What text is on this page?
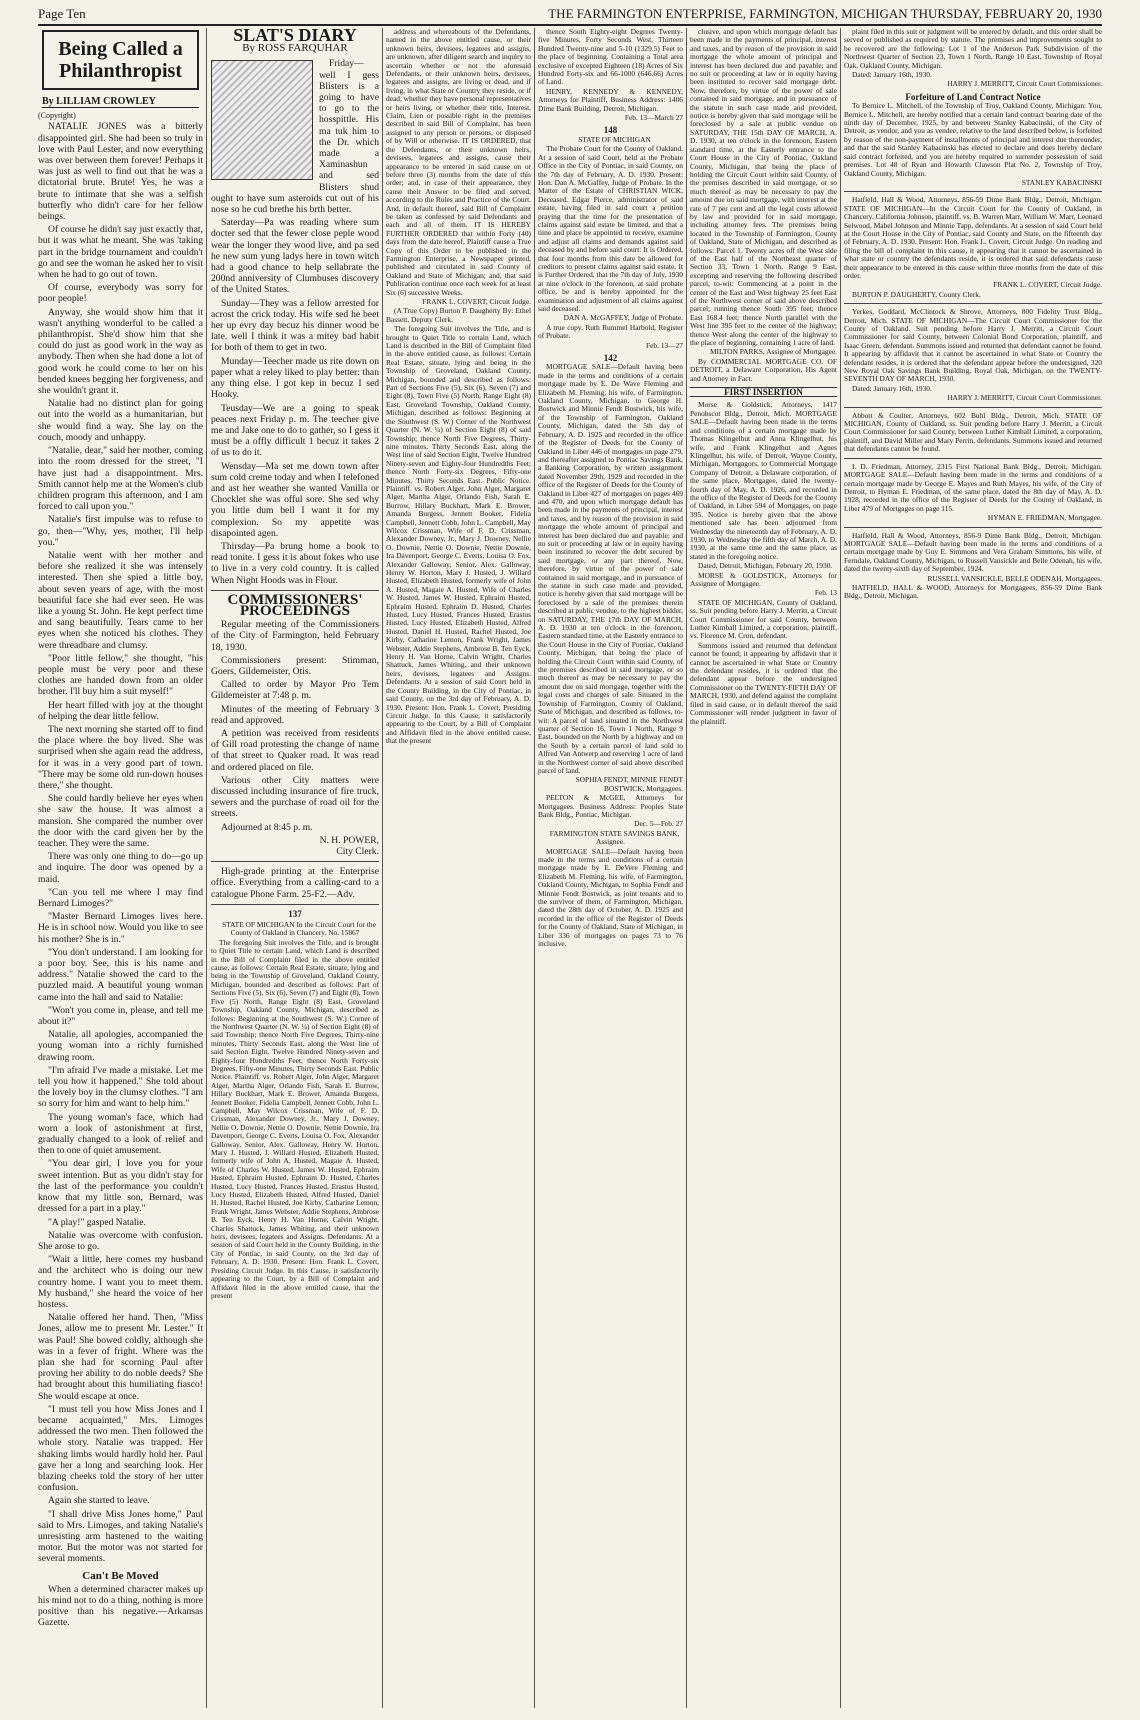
Page Ten	THE FARMINGTON ENTERPRISE, FARMINGTON, MICHIGAN THURSDAY, FEBRUARY 20, 1930
Being Called a Philanthropist
By LILLIAM CROWLEY
(Copyright)
NATALIE JONES was a bitterly disappointed girl. She had been so truly in love with Paul Lester, and now everything was over between them forever! Perhaps it was just as well to find out that he was a dictatorial brute. Brute! Yes, he was a brute to intimate that she was a selfish butterfly who didn't care for her fellow beings.
Of course he didn't say just exactly that, but it was what he meant. She was 'taking part in the bridge tournament and couldn't go and see the woman he asked her to visit when he had to go out of town.
Of course, everybody was sorry for poor people!
Anyway, she would show him that it wasn't anything wonderful to be called a philanthropist. She'd show him that she could do just as good work in the way as anybody. Then when she had done a lot of good work he could come to her on his bended knees begging her forgiveness, and she wouldn't grant it.
Natalie had no distinct plan for going out into the world as a humanitarian, but she would find a way. She lay on the couch, moody and unhappy.
"Natalie, dear," said her mother, coming into the room dressed for the street, "I have just had a disappointment. Mrs. Smith cannot help me at the Women's club children program this afternoon, and I am forced to call upon you."
Natalie's first impulse was to refuse to go, then—"Why, yes, mother, I'll help you."
Natalie went with her mother and before she realized it she was intensely interested. Then she spied a little boy, about seven years of age, with the most beautiful face she had ever seen. He was like a young St. John. He kept perfect time and sang beautifully. Tears came to her eyes when she noticed his clothes. They were threadbare and clumsy.
"Poor little fellow," she thought, "his people must be very poor and these clothes are handed down from an older brother. I'll buy him a suit myself!"
Her heart filled with joy at the thought of helping the dear little fellow.
The next morning she started off to find the place where the boy lived. She was surprised when she again read the address, for it was in a very good part of town. "There may be some old run-down houses there," she thought.
She could hardly believe her eyes when she saw the house. It was almost a mansion. She compared the number over the door with the card given her by the teacher. They were the same.
There was only one thing to do—go up and inquire. The door was opened by a maid.
"Can you tell me where I may find Bernard Limoges?"
"Master Bernard Limoges lives here. He is in school now. Would you like to see his mother? She is in."
"You don't understand. I am looking for a poor boy. See, this is his name and address." Natalie showed the card to the puzzled maid. A beautiful young woman came into the hall and said to Natalie:
"Won't you come in, please, and tell me about it?"
Natalie, all apologies, accompanied the young woman into a richly furnished drawing room.
"I'm afraid I've made a mistake. Let me tell you how it happened." She told about the lovely boy in the clumsy clothes. "I am so sorry for him and want to help him."
The young woman's face, which had worn a look of astonishment at first, gradually changed to a look of relief and then to one of quiet amusement.
"You dear girl, I love you for your sweet intention. But as you didn't stay for the last of the performance you couldn't know that my little son, Bernard, was dressed for a part in a play."
"A play!" gasped Natalie.
Natalie was overcome with confusion. She arose to go.
"Wait a little, here comes my husband and the architect who is doing our new country home. I want you to meet them. My husband," she heard the voice of her hostess.
Natalie offered her hand. Then, "Miss Jones, allow me to present Mr. Lester." It was Paul! She bowed coldly, although she was in a fever of fright. Where was the plan she had for scorning Paul after proving her ability to do noble deeds? She had brought about this humiliating fiasco! She would escape at once.
"I must tell you how Miss Jones and I became acquainted," Mrs. Limoges addressed the two men. Then followed the whole story. Natalie was trapped. Her shaking limbs would hardly hold her. Paul gave her a long and searching look. Her blazing cheeks told the story of her utter confusion.
Again she started to leave.
"I shall drive Miss Jones home," Paul said to Mrs. Limoges, and taking Natalie's unresisting arm hastened to the waiting motor. But the motor was not started for several moments.
Can't Be Moved
When a determined character makes up his mind not to do a thing, nothing is more positive than his negative.—Arkansas Gazette.
SLAT'S DIARY
By ROSS FARQUHAR
Friday—well I gess Blisters is a going to have to go to the hosspittle. His ma tuk him to the Dr. which made a Xaminashun and sed Blisters shud ought to have sum asteroids cut out of his nose so he cud brethe his brth better.
Saterday—Pa was reading where sum docter sed that the fewer close peple wood wear the longer they wood live, and pa sed he new sum yung ladys here in town witch had a good chance to help sellabrate the 200nd anniversity of Clumbuses discovery of the United States.
Sunday—They was a fellow arrested for acrost the crick today. His wife sed he beet her up evry day becuz his dinner wood be late. well I think it was a mitey bad habit for both of them to get in two.
Munday—Teecher made us rite down on paper what a reley liked to play better: than any thing else. I got kep in becuz I sed Hooky.
Teusday—We are a going to speak peaces next Friday p. m. The teecher give me and Jake one to do to gather, so I gess it must be a offly difficult 1 becuz it takes 2 of us to do it.
Wensday—Ma set me down town after sum cold creme today and when I telefoned and ast her weather she wanted Vanilla or Chocklet she was offul sore. She sed why you little dum bell I want it for my complexion. So my appetite was disapointed agen.
Thirsday—Pa brung home a book to read tonite. I gess it is about fokes who use to live in a very cold country. It is called When Night Hoods was in Flour.
COMMISSIONERS' PROCEEDINGS
Regular meeting of the Commissioners of the City of Farmington, held February 18, 1930.
Commissioners present: Stimman, Goers, Gildemeister, Otis.
Called to order by Mayor Pro Tem Gildemeister at 7:48 p. m.
Minutes of the meeting of February 3 read and approved.
A petition was received from residents of Gill road protesting the change of name of that street to Quaker road. It was read and ordered placed on file.
Various other City matters were discussed including insurance of fire truck, sewers and the purchase of road oil for the streets.
Adjourned at 8:45 p. m.
N. H. POWER,
City Clerk.
High-grade printing at the Enterprise office. Everything from a calling-card to a catalogue Phone Farm. 25-F2.—Adv.
137

STATE OF MICHIGAN In the Circuit Court for the County of Oakland in Chancery. No. 15867

The foregoing Suit involves the Title, and is brought to Quiet Title to certain Land, which Land is described in the Bill of Complaint filed in the above entitled cause, as follows: Certain Real Estate, situate, lying and being in the Township of Groveland, Oakland County, Michigan, bounded and described as follows: Part of Sections Five (5), Six (6), Seven (7) and Eight (8), Town Five (5) North, Range Eight (8) East, Groveland Township, Oakland County, Michigan, described as follows: Beginning at the Southwest (S. W.) Corner of the Northwest Quarter (N. W. ¼) of Section Eight (8) of said Township; thence North Five Degrees, Thirty-nine minutes, Thirty Seconds East, along the West line of said Section Eight, Twelve Hundred Ninety-seven and Eighty-four Hundredths Feet; thence North Forty-six Degrees, Fifty-one Minutes, Thirty Seconds East. Public Notice. Plaintiff. vs. Robert Alger, John Alger, Margaret Alger, Martha Alger, Orlando Fish, Sarah E. Burrow, Hillary Buckhart, Mark E. Brower, Amanda Burgess, Jennett Booker, Fidelia Campbell, Jennett Cobb, John L. Campbell, May Wilcox Crissman, Wife of F. D. Crissman, Alexander Downey, Jr., Mary J. Downey, Nellie O. Downie, Nettie O. Downie, Nettie Downie, Ira Davenport, George C. Everts, Louisa O. Fox, Alexander Galloway, Senior, Alex. Galloway, Henry W. Horton, Mary J. Husted, J. Willard Husted, Elizabeth Husted, formerly wife of John A. Husted, Magaie A. Husted, Wife of Charles W. Husted, James W. Husted, Ephraim Husted, Ephraim Husted, Ephraim D. Husted, Charles Husted, Lucy Husted, Frances Husted, Erastus Husted, Lucy Husted, Elizabeth Husted, Alfred Husted, Daniel H. Husted, Rachel Husted, Joe Kirby, Catharine Lemon, Frank Wright, James Webster, Addie Stephens, Ambrose B. Ten Eyck, Henry H. Van Horne, Calvin Wright, Charles Shattuck, James Whiting, and their unknown heirs, devisees, legatees and Assigns. Defendants. At a session of said Court held in the County Building, in the City of Pontiac, in said County, on the 3rd day of February, A. D. 1930. Present: Hon. Frank L. Covert, Presiding Circuit Judge. In this Cause, it satisfactorily appearing to the Court, by a Bill of Complaint and Affidavit filed in the above entitled cause, that the present

address and whereabouts of the Defendants, named in the above entitled cause, or their unknown heirs, devisees, legatees and assigns, are unknown, after diligent search and inquiry to ascertain whether or not the aforesaid Defendants, or their unknown heirs, devisees, legatees and assigns, are living or dead, and if living, in what State or Country they reside, or if dead, whether they have personal representatives or heirs living, or whether their title, Interest, Claim, Lien or possible right in the premises described in said Bill of Complaint, has been assigned to any person or persons, or disposed of by Will or otherwise. IT IS ORDERED, that the Defendants, or their unknown heirs, devisees, legatees and assigns, cause their appearance to be entered in said cause on or before three (3) months from the date of this order; and, in case of their appearance, they cause their Answer to be filed and served, according to the Rules and Practice of the Court. And, in default thereof, said Bill of Complaint be taken as confessed by said Defendants and each and all of them. IT IS HEREBY FURTHER ORDERED that within Forty (40) days from the date hereof, Plaintiff cause a True Copy of this Order to be published in the Farmington Enterprise, a Newspaper printed, published and circulated in said County of Oakland and State of Michigan; and, that said Publication continue once each week for at least Six (6) successive Weeks.

FRANK L. COVERT, Circuit Judge.

(A True Copy) Burton P. Daugherty By: Ethel Bassett, Deputy Clerk.

The foregoing Suit involves the Title, and is brought to Quiet Title to certain Land, which Land is described in the Bill of Complaint filed in the above entitled cause, as follows: Certain Real Estate, situate, lying and being in the Township of Groveland, Oakland County, Michigan, bounded and described as follows: Part of Sections Five (5), Six (6), Seven (7) and Eight (8), Town Five (5) North, Range Eight (8) East, Groveland Township, Oakland County, Michigan, described as follows: Beginning at the Southwest (S. W.) Corner of the Northwest Quarter (N. W. ¼) of Section Eight (8) of said Township; thence North Five Degrees, Thirty-nine minutes, Thirty Seconds East, along the West line of said Section Eight, Twelve Hundred Ninety-seven and Eighty-four Hundredths Feet; thence North Forty-six Degrees, Fifty-one Minutes, Thirty Seconds East. Public Notice. Plaintiff. vs. Robert Alger, John Alger, Margaret Alger, Martha Alger, Orlando Fish, Sarah E. Burrow, Hillary Buckhart, Mark E. Brower, Amanda Burgess, Jennett Booker, Fidelia Campbell, Jennett Cobb, John L. Campbell, May Wilcox Crissman, Wife of F. D. Crissman, Alexander Downey, Jr., Mary J. Downey, Nellie O. Downie, Nettie O. Downie, Nettie Downie, Ira Davenport, George C. Everts, Louisa O. Fox, Alexander Galloway, Senior, Alex. Galloway, Henry W. Horton, Mary J. Husted, J. Willard Husted, Elizabeth Husted, formerly wife of John A. Husted, Magaie A. Husted, Wife of Charles W. Husted, James W. Husted, Ephraim Husted, Ephraim Husted, Ephraim D. Husted, Charles Husted, Lucy Husted, Frances Husted, Erastus Husted, Lucy Husted, Elizabeth Husted, Alfred Husted, Daniel H. Husted, Rachel Husted, Joe Kirby, Catharine Lemon, Frank Wright, James Webster, Addie Stephens, Ambrose B. Ten Eyck, Henry H. Van Horne, Calvin Wright, Charles Shattuck, James Whiting, and their unknown heirs, devisees, legatees and Assigns. Defendants. At a session of said Court held in the County Building, in the City of Pontiac, in said County, on the 3rd day of February, A. D. 1930. Present: Hon. Frank L. Covert, Presiding Circuit Judge. In this Cause, it satisfactorily appearing to the Court, by a Bill of Complaint and Affidavit filed in the above entitled cause, that the present

thence South Eighty-eight Degrees Twenty-five Minutes, Forty Seconds West, Thirteen Hundred Twenty-nine and 5-10 (1329.5) Feet to the place of beginning. Containing a Total area exclusive of excepted Eighteen (18) Acres of Six Hundred Forty-six and 66-1000 (646.66) Acres of Land.

HENRY, KENNEDY & KENNEDY, Attorneys for Plaintiff, Business Address: 1406 Dime Bank Building, Detroit, Michigan.

Feb. 13—March 27

148

STATE OF MICHIGAN

The Probate Court for the County of Oakland. At a session of said Court, held at the Probate Office in the City of Pontiac, in said County, on the 7th day of February, A. D. 1930. Present: Hon. Dan A. McGaffey, Judge of Probate. In the Matter of the Estate of CHRISTIAN WICK, Deceased. Edgar Pierce, administrator of said estate, having filed in said court a petition praying that the time for the presentation of claims against said estate be limited, and that a time and place be appointed to receive, examine and adjust all claims and demands against said deceased by and before said court: It is Ordered, that four months from this date be allowed for creditors to present claims against said estate. It is Further Ordered, that the 7th day of July, 1930 at nine o'clock in the forenoon, at said probate office, be and is hereby appointed for the examination and adjustment of all claims against said deceased.

DAN A. McGAFFEY, Judge of Probate.

A true copy. Ruth Rummel Harbold, Register of Probate.

Feb. 13—27

142

MORTGAGE SALE—Default having been made in the terms and conditions of a certain mortgage made by E. De Wave Fleming and Elizabeth M. Fleming, his wife, of Farmington, Oakland County, Michigan, to George H. Bostwick and Minnie Fendt Bostwick, his wife, of the Township of Farmington, Oakland County, Michigan, dated the 5th day of February, A. D. 1925 and recorded in the office of the Register of Deeds for the County of Oakland in Liber 446 of mortgages on page 279, and thereafter assigned to Pontiac Savings Bank, a Banking Corporation, by written assignment dated November 29th, 1929 and recorded in the office of the Register of Deeds for the County of Oakland in Liber 427 of mortgages on pages 469 and 470, and upon which mortgage default has been made in the payments of principal, interest and taxes, and by reason of the provision in said mortgage the whole amount of principal and interest has been declared due and payable; and no suit or proceeding at law or in equity having been instituted to recover the debt secured by said mortgage, or any part thereof. Now, therefore, by virtue of the power of sale contained in said mortgage, and in pursuance of the statute in such case made and provided, notice is hereby given that said mortgage will be foreclosed by a sale of the premises therein described at public vendue, to the highest bidder, on SATURDAY, THE 17th DAY OF MARCH, A. D. 1930 at ten o'clock in the forenoon, Eastern standard time, at the Easterly entrance to the Court House in the City of Pontiac, Oakland County, Michigan, that being the place of holding the Circuit Court within said County, of the premises described in said mortgage, or so much thereof as may be necessary to pay the amount due on said mortgage, together with the legal costs and charges of sale. Situated in the Township of Farmington, County of Oakland, State of Michigan, and described as follows, to-wit: A parcel of land situated in the Northwest quarter of Section 16, Town 1 North, Range 9 East, bounded on the North by a highway and on the South by a certain parcel of land sold to Alfred Van Antwerp and reserving 1 acre of land in the Northwest corner of said above described parcel of land.

SOPHIA FENDT, MINNIE FENDT BOSTWICK, Mortgagees.

PELTON & McGEE, Attorneys for Mortgagees. Business Address: Peoples State Bank Bldg., Pontiac, Michigan.

Dec. 5—Feb. 27

FARMINGTON STATE SAVINGS BANK, Assignee.

MORTGAGE SALE—Default having been made in the terms and conditions of a certain mortgage made by E. DeVere Fleming and Elizabeth M. Fleming, his wife, of Farmington, Oakland County, Michigan, to Sophia Fendt and Minnie Fendt Bostwick, as joint tenants and to the survivor of them, of Farmington, Michigan, dated the 28th day of October, A. D. 1925 and recorded in the office of the Register of Deeds for the County of Oakland, State of Michigan, in Liber 336 of mortgages on pages 73 to 76 inclusive.

clusive, and upon which mortgage default has been made in the payments of principal, interest and taxes, and by reason of the provision in said mortgage the whole amount of principal and interest has been declared due and payable; and no suit or proceeding at law or in equity having been instituted to recover said mortgage debt. Now, therefore, by virtue of the power of sale contained in said mortgage, and in pursuance of the statute in such case made and provided, notice is hereby given that said mortgage will be foreclosed by a sale at public vendue on SATURDAY, THE 15th DAY OF MARCH, A. D. 1930, at ten o'clock in the forenoon, Eastern standard time, at the Easterly entrance to the Court House in the City of Pontiac, Oakland County, Michigan, that being the place of holding the Circuit Court within said County, of the premises described in said mortgage, or so much thereof as may be necessary to pay the amount due on said mortgage, with interest at the rate of 7 per cent and all the legal costs allowed by law and provided for in said mortgage, including attorney fees. The premises being located in the Township of Farmington, County of Oakland, State of Michigan, and described as follows: Parcel 1. Twenty acres off the West side of the East half of the Northeast quarter of Section 33, Town 1 North, Range 9 East, excepting and reserving the following described parcel, to-wit: Commencing at a point in the center of the East and West highway 25 feet East of the Northwest corner of said above described parcel; running thence South 395 feet; thence East 168.4 feet; thence North parallel with the West line 395 feet to the center of the highway; thence West along the center of the highway to the place of beginning, containing 1 acre of land.

MILTON PARKS, Assignee of Mortgagee.

By COMMERCIAL MORTGAGE CO. OF DETROIT, a Delaware Corporation, His Agent and Attorney in Fact.

FIRST INSERTION

Morse & Goldstick, Attorneys, 1417 Penobscot Bldg., Detroit, Mich. MORTGAGE SALE—Default having been made in the terms and conditions of a certain mortgage made by Thomas Klingelhut and Anna Klingelhut, his wife, and Frank Klingelhut and Agnes Klingelhut, his wife, of Detroit, Wayne County, Michigan, Mortgagors, to Commercial Mortgage Company of Detroit, a Delaware corporation, of the same place, Mortgagee, dated the twenty-fourth day of May, A. D. 1926, and recorded in the office of the Register of Deeds for the County of Oakland, in Liber 594 of Mortgages, on page 395. Notice is hereby given that the above mentioned sale has been adjourned from Wednesday the nineteenth day of February, A. D. 1930, to Wednesday the fifth day of March, A. D. 1930, at the same time and the same place, as stated in the foregoing notice.

Dated, Detroit, Michigan, February 20, 1930.

MORSE & GOLDSTICK, Attorneys for Assignee of Mortgagee.

Feb. 13

STATE OF MICHIGAN, County of Oakland, ss. Suit pending before Harry J. Merritt, a Circuit Court Commissioner for said County, between Luther Kimball Limited, a corporation, plaintiff, vs. Florence M. Cron, defendant.

Summons issued and returned that defendant cannot be found; it appearing by affidavit that it cannot be ascertained in what State or Country the defendant resides, it is ordered that the defendant appear before the undersigned Commissioner on the TWENTY-FIFTH DAY OF MARCH, 1930, and defend against the complaint filed in said cause, or in default thereof the said Commissioner will render judgment in favor of the plaintiff.

plaint filed in this suit or judgment will be entered by default, and this order shall be served or published as required by statute. The premises and improvements sought to be recovered are the following: Lot 1 of the Anderson Park Subdivision of the Northwest Quarter of Section 23, Town 1 North, Range 10 East, Township of Royal Oak, Oakland County, Michigan.

Dated: January 16th, 1930.

HARRY J. MERRITT, Circuit Court Commissioner.

Forfeiture of Land Contract Notice

To Bernice L. Mitchell, of the Township of Troy, Oakland County, Michigan: You, Bernice L. Mitchell, are hereby notified that a certain land contract bearing date of the ninth day of December, 1925, by and between Stanley Kabacinski, of the City of Detroit, as vendor, and you as vendee, relative to the land described below, is forfeited by reason of the non-payment of installments of principal and interest due thereunder, and that the said Stanley Kabacinski has elected to declare and does hereby declare said contract forfeited, and you are hereby required to surrender possession of said premises. Lot 48 of Ryan and Howarth Clawson Plat No. 2, Township of Troy, Oakland County, Michigan.

STANLEY KABACINSKI

Hatfield, Hall & Wood, Attorneys, 856-59 Dime Bank Bldg., Detroit, Michigan. STATE OF MICHIGAN—In the Circuit Court for the County of Oakland, in Chancery. California Johnson, plaintiff, vs. B. Warren Marr, William W. Marr, Leonard Selwood, Mabel Johnson and Minnie Tapp, defendants. At a session of said Court held at the Court House in the City of Pontiac, said County and State, on the fifteenth day of February, A. D. 1930. Present: Hon. Frank L. Covert, Circuit Judge. On reading and filing the bill of complaint in this cause, it appearing that it cannot be ascertained in what state or country the defendants reside, it is ordered that said defendants cause their appearance to be entered in this cause within three months from the date of this order.

FRANK L. COVERT, Circuit Judge.

BURTON P. DAUGHERTY, County Clerk.

Yerkes, Goddard, McClintock & Shrove, Attorneys, 800 Fidelity Trust Bldg., Detroit, Mich. STATE OF MICHIGAN—The Circuit Court Commissioner for the County of Oakland. Suit pending before Harry J. Merritt, a Circuit Court Commissioner for said County, between Colonial Bond Corporation, plaintiff, and Isaac Green, defendant. Summons issued and returned that defendant cannot be found. It appearing by affidavit that it cannot be ascertained in what State or Country the defendant resides, it is ordered that the defendant appear before the undersigned, 320 New Royal Oak Savings Bank Building, Royal Oak, Michigan, on the TWENTY-SEVENTH DAY OF MARCH, 1930.

Dated: January 16th, 1930.

HARRY J. MERRITT, Circuit Court Commissioner.

Abbott & Coulter, Attorneys, 602 Buhl Bldg., Detroit, Mich. STATE OF MICHIGAN, County of Oakland, ss. Suit pending before Harry J. Merritt, a Circuit Court Commissioner for said County, between Luther Kimball Limited, a corporation, plaintiff, and David Miller and Mary Perrin, defendants. Summons issued and returned that defendants cannot be found.

I. D. Friedman, Attorney, 2315 First National Bank Bldg., Detroit, Michigan. MORTGAGE SALE—Default having been made in the terms and conditions of a certain mortgage made by George E. Mayes and Ruth Mayes, his wife, of the City of Detroit, to Hyman E. Friedman, of the same place, dated the 8th day of May, A. D. 1928, recorded in the office of the Register of Deeds for the County of Oakland, in Liber 479 of Mortgages on page 115.

HYMAN E. FRIEDMAN, Mortgagee.

Hatfield, Hall & Wood, Attorneys, 856-9 Dime Bank Bldg., Detroit, Michigan. MORTGAGE SALE—Default having been made in the terms and conditions of a certain mortgage made by Guy E. Simmons and Vera Graham Simmons, his wife, of Ferndale, Oakland County, Michigan, to Russell Vansickle and Belle Odenah, his wife, dated the twenty-sixth day of September, 1924.

RUSSELL VANSICKLE, BELLE ODENAH, Mortgagees.

HATFIELD, HALL & WOOD, Attorneys for Mortgagees, 856-59 Dime Bank Bldg., Detroit, Michigan.
